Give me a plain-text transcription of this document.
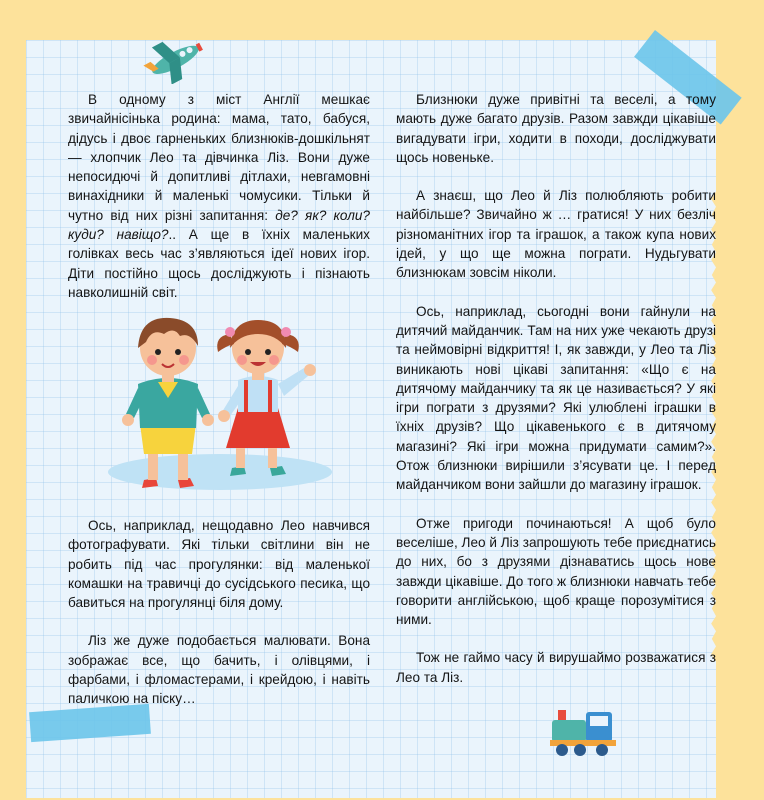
В одному з міст Англії мешкає звичайнісінька родина: мама, тато, бабуся, дідусь і двоє гарненьких близнюків-дошкільнят — хлопчик Лео та дівчинка Ліз. Вони дуже непосидючі й допитливі дітлахи, невгамовні винахідники й маленькі чомусики. Тільки й чутно від них різні запитання: де? як? коли? куди? навіщо?.. А ще в їхніх маленьких голівках весь час з’являються ідеї нових ігор. Діти постійно щось досліджують і пізнають навколишній світ.

Ось, наприклад, нещодавно Лео навчився фотографувати. Які тільки світлини він не робить під час прогулянки: від маленької комашки на травичці до сусідського песика, що бавиться на прогулянці біля дому.

Ліз же дуже подобається малювати. Вона зображає все, що бачить, і олівцями, і фарбами, і фломастерами, і крейдою, і навіть паличкою на піску…

Близнюки дуже привітні та веселі, а тому мають дуже багато друзів. Разом завжди цікавіше вигадувати ігри, ходити в походи, досліджувати щось новеньке.

А знаєш, що Лео й Ліз полюбляють робити найбільше? Звичайно ж … гратися! У них безліч різноманітних ігор та іграшок, а також купа нових ідей, у що ще можна пограти. Нудьгувати близнюкам зовсім ніколи.

Ось, наприклад, сьогодні вони гайнули на дитячий майданчик. Там на них уже чекають друзі та неймовірні відкриття! І, як завжди, у Лео та Ліз виникають нові цікаві запитання: «Що є на дитячому майданчику та як це називається? У які ігри пограти з друзями? Які улюблені іграшки в їхніх друзів? Що цікавенького є в дитячому магазині? Які ігри можна придумати самим?». Отож близнюки вирішили з’ясувати це. І перед майданчиком вони зайшли до магазину іграшок.

Отже пригоди починаються! А щоб було веселіше, Лео й Ліз запрошують тебе приєднатись до них, бо з друзями дізнаватись щось нове завжди цікавіше. До того ж близнюки навчать тебе говорити англійською, щоб краще порозумітися з ними.

Тож не гаймо часу й вирушаймо розважатися з Лео та Ліз.
